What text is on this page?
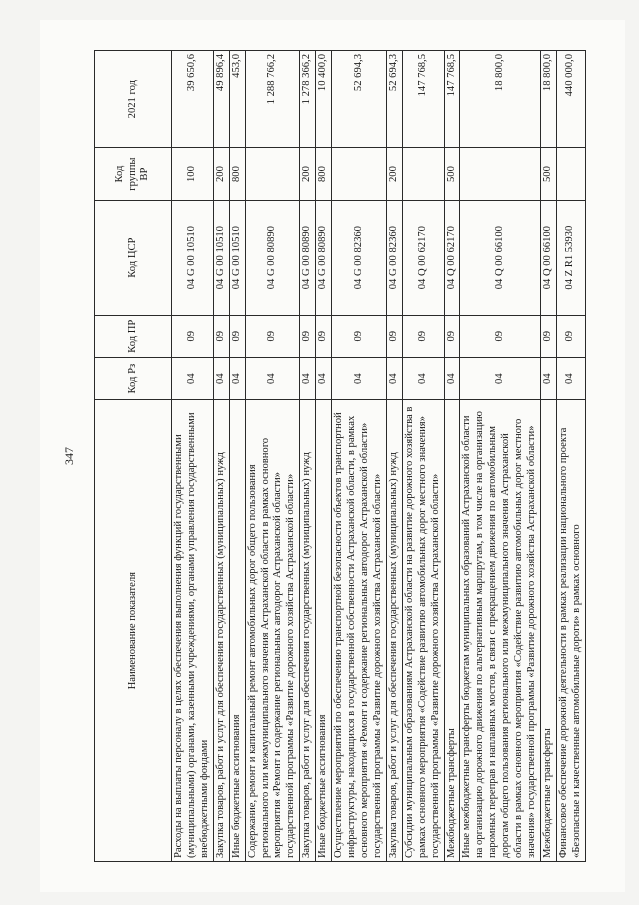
347
Наименование показателя	Код Рз	Код ПР	Код ЦСР	Код группы ВР	2021 год
Расходы на выплаты персоналу в целях обеспечения выполнения функций государственными (муниципальными) органами, казенными учреждениями, органами управления государственными внебюджетными фондами	04	09	04 G 00 10510	100	39 650,6
Закупка товаров, работ и услуг для обеспечения государственных (муниципальных) нужд	04	09	04 G 00 10510	200	49 896,4
Иные бюджетные ассигнования	04	09	04 G 00 10510	800	453,0
Содержание, ремонт и капитальный ремонт автомобильных дорог общего пользования регионального или межмуниципального значения Астраханской области в рамках основного мероприятия «Ремонт и содержание региональных автодорог Астраханской области» государственной программы «Развитие дорожного хозяйства Астраханской области»	04	09	04 G 00 80890		1 288 766,2
Закупка товаров, работ и услуг для обеспечения государственных (муниципальных) нужд	04	09	04 G 00 80890	200	1 278 366,2
Иные бюджетные ассигнования	04	09	04 G 00 80890	800	10 400,0
Осуществление мероприятий по обеспечению транспортной безопасности объектов транспортной инфраструктуры, находящихся в государственной собственности Астраханской области, в рамках основного мероприятия «Ремонт и содержание региональных автодорог Астраханской области» государственной программы «Развитие дорожного хозяйства Астраханской области»	04	09	04 G 00 82360		52 694,3
Закупка товаров, работ и услуг для обеспечения государственных (муниципальных) нужд	04	09	04 G 00 82360	200	52 694,3
Субсидии муниципальным образованиям Астраханской области на развитие дорожного хозяйства в рамках основного мероприятия «Содействие развитию автомобильных дорог местного значения» государственной программы «Развитие дорожного хозяйства Астраханской области»	04	09	04 Q 00 62170		147 768,5
Межбюджетные трансферты	04	09	04 Q 00 62170	500	147 768,5
Иные межбюджетные трансферты бюджетам муниципальных образований Астраханской области на организацию дорожного движения по альтернативным маршрутам, в том числе на организацию паромных переправ и наплавных мостов, в связи с прекращением движения по автомобильным дорогам общего пользования регионального или межмуниципального значения Астраханской области в рамках основного мероприятия «Содействие развитию автомобильных дорог местного значения» государственной программы «Развитие дорожного хозяйства Астраханской области»	04	09	04 Q 00 66100		18 800,0
Межбюджетные трансферты	04	09	04 Q 00 66100	500	18 800,0
Финансовое обеспечение дорожной деятельности в рамках реализации национального проекта «Безопасные и качественные автомобильные дороги» в рамках основного	04	09	04 Z R1 53930		440 000,0
